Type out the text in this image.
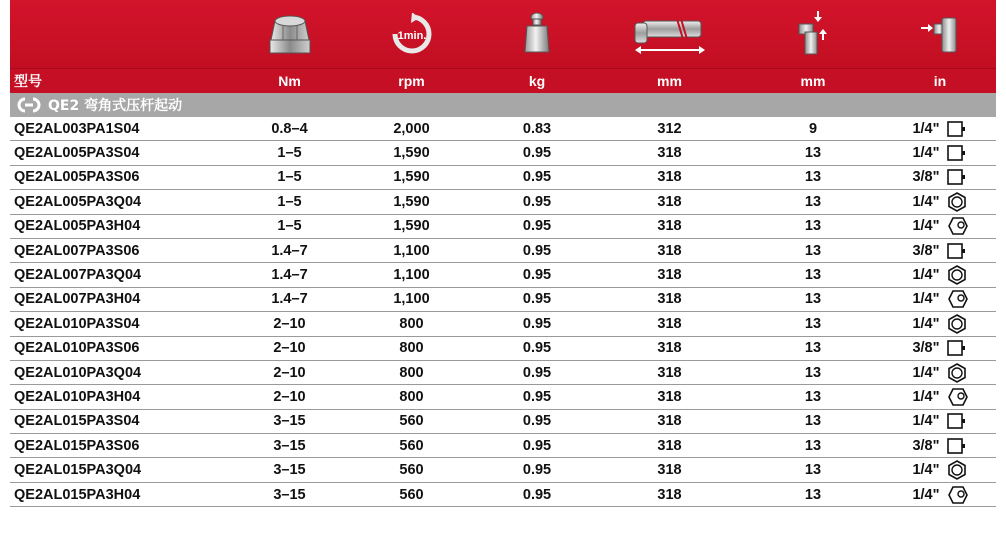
1min.
型号	Nm	rpm	kg	mm	mm	in
QE2 弯角式压杆起动
QE2AL003PA1S04	0.8–4	2,000	0.83	312	9	1/4"
QE2AL005PA3S04	1–5	1,590	0.95	318	13	1/4"
QE2AL005PA3S06	1–5	1,590	0.95	318	13	3/8"
QE2AL005PA3Q04	1–5	1,590	0.95	318	13	1/4"
QE2AL005PA3H04	1–5	1,590	0.95	318	13	1/4"
QE2AL007PA3S06	1.4–7	1,100	0.95	318	13	3/8"
QE2AL007PA3Q04	1.4–7	1,100	0.95	318	13	1/4"
QE2AL007PA3H04	1.4–7	1,100	0.95	318	13	1/4"
QE2AL010PA3S04	2–10	800	0.95	318	13	1/4"
QE2AL010PA3S06	2–10	800	0.95	318	13	3/8"
QE2AL010PA3Q04	2–10	800	0.95	318	13	1/4"
QE2AL010PA3H04	2–10	800	0.95	318	13	1/4"
QE2AL015PA3S04	3–15	560	0.95	318	13	1/4"
QE2AL015PA3S06	3–15	560	0.95	318	13	3/8"
QE2AL015PA3Q04	3–15	560	0.95	318	13	1/4"
QE2AL015PA3H04	3–15	560	0.95	318	13	1/4"
